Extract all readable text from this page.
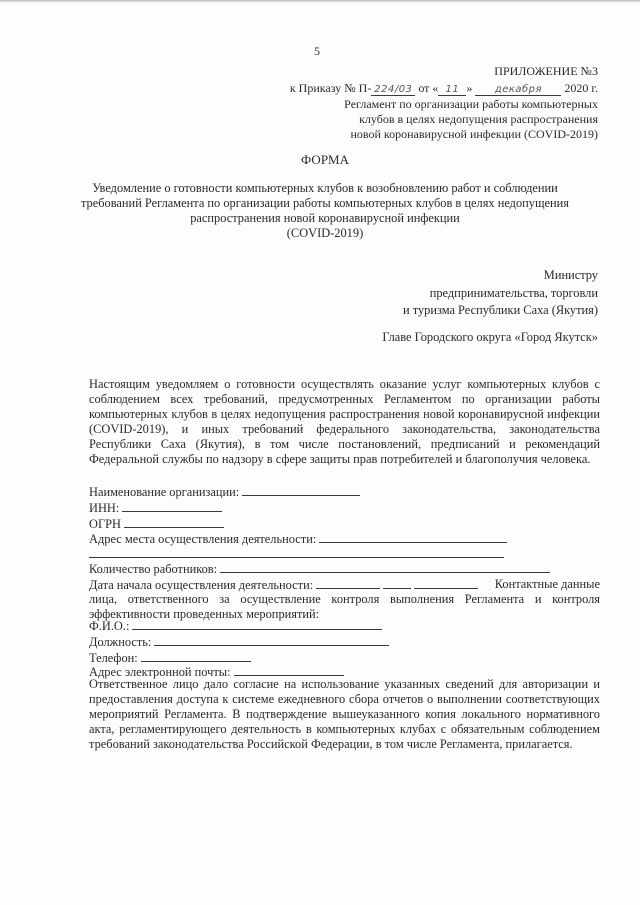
5
ПРИЛОЖЕНИЕ №3
к Приказу № П- 224/03 от « 11 » декабря 2020 г.
Регламент по организации работы компьютерных
клубов в целях недопущения распространения
новой коронавирусной инфекции (COVID-2019)
ФОРМА
Уведомление о готовности компьютерных клубов к возобновлению работ и соблюдении
требований Регламента по организации работы компьютерных клубов в целях недопущения
распространения новой коронавирусной инфекции
(COVID-2019)
Министру
предпринимательства, торговли
и туризма Республики Саха (Якутия)
Главе Городского округа «Город Якутск»
Настоящим уведомляем о готовности осуществлять оказание услуг компьютерных клубов с соблюдением всех требований, предусмотренных Регламентом по организации работы компьютерных клубов в целях недопущения распространения новой коронавирусной инфекции (COVID-2019), и иных требований федерального законодательства, законодательства Республики Саха (Якутия), в том числе постановлений, предписаний и рекомендаций Федеральной службы по надзору в сфере защиты прав потребителей и благополучия человека.
Наименование организации:
ИНН:
ОГРН
Адрес места осуществления деятельности:
Количество работников:
Дата начала осуществления деятельности:	Контактные данные
лица, ответственного за осуществление контроля выполнения Регламента и контроля эффективности проведенных мероприятий:
Ф.И.О.:
Должность:
Телефон:
Адрес электронной почты:
Ответственное лицо дало согласие на использование указанных сведений для авторизации и предоставления доступа к системе ежедневного сбора отчетов о выполнении соответствующих мероприятий Регламента. В подтверждение вышеуказанного копия локального нормативного акта, регламентирующего деятельность в компьютерных клубах с обязательным соблюдением требований законодательства Российской Федерации, в том числе Регламента, прилагается.
